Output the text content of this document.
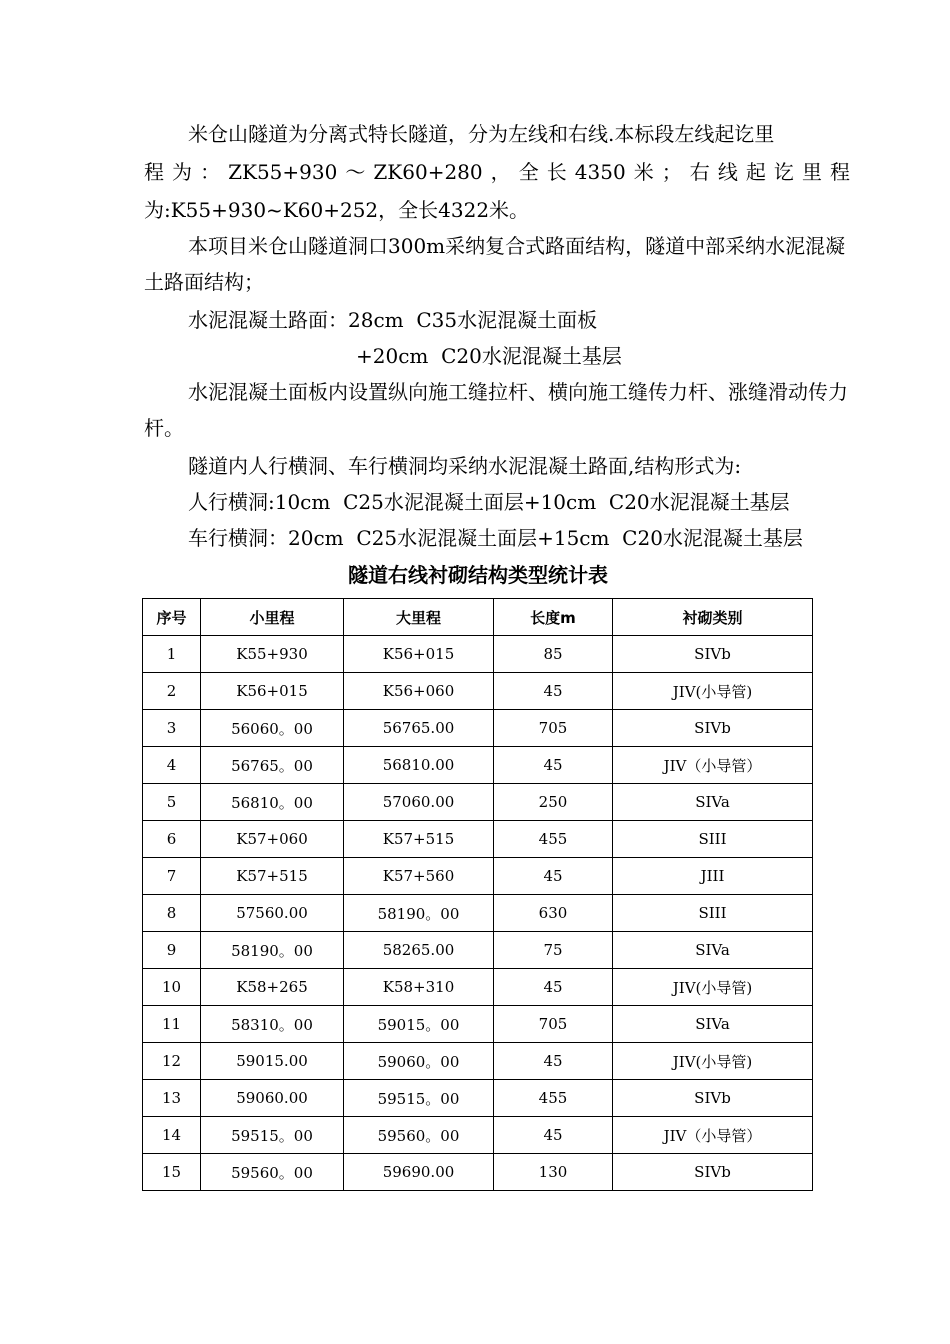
米仓山隧道为分离式特长隧道，分为左线和右线.本标段左线起讫里
程为：ZK55+930～ZK60+280，全长4350米；右线起讫里程
为:K55+930~K60+252，全长4322米。

本项目米仓山隧道洞口300m采纳复合式路面结构，隧道中部采纳水泥混凝土路面结构；

水泥混凝土路面：28cm  C35水泥混凝土面板
+20cm  C20水泥混凝土基层

水泥混凝土面板内设置纵向施工缝拉杆、横向施工缝传力杆、涨缝滑动传力杆。

隧道内人行横洞、车行横洞均采纳水泥混凝土路面,结构形式为:
人行横洞:10cm  C25水泥混凝土面层+10cm  C20水泥混凝土基层
车行横洞：20cm  C25水泥混凝土面层+15cm  C20水泥混凝土基层
隧道右线衬砌结构类型统计表
序号	小里程	大里程	长度m	衬砌类别
1	K55+930	K56+015	85	SIVb
2	K56+015	K56+060	45	JIV(小导管)
3	56060。00	56765.00	705	SIVb
4	56765。00	56810.00	45	JIV（小导管）
5	56810。00	57060.00	250	SIVa
6	K57+060	K57+515	455	SIII
7	K57+515	K57+560	45	JIII
8	57560.00	58190。00	630	SIII
9	58190。00	58265.00	75	SIVa
10	K58+265	K58+310	45	JIV(小导管)
11	58310。00	59015。00	705	SIVa
12	59015.00	59060。00	45	JIV(小导管)
13	59060.00	59515。00	455	SIVb
14	59515。00	59560。00	45	JIV（小导管）
15	59560。00	59690.00	130	SIVb
